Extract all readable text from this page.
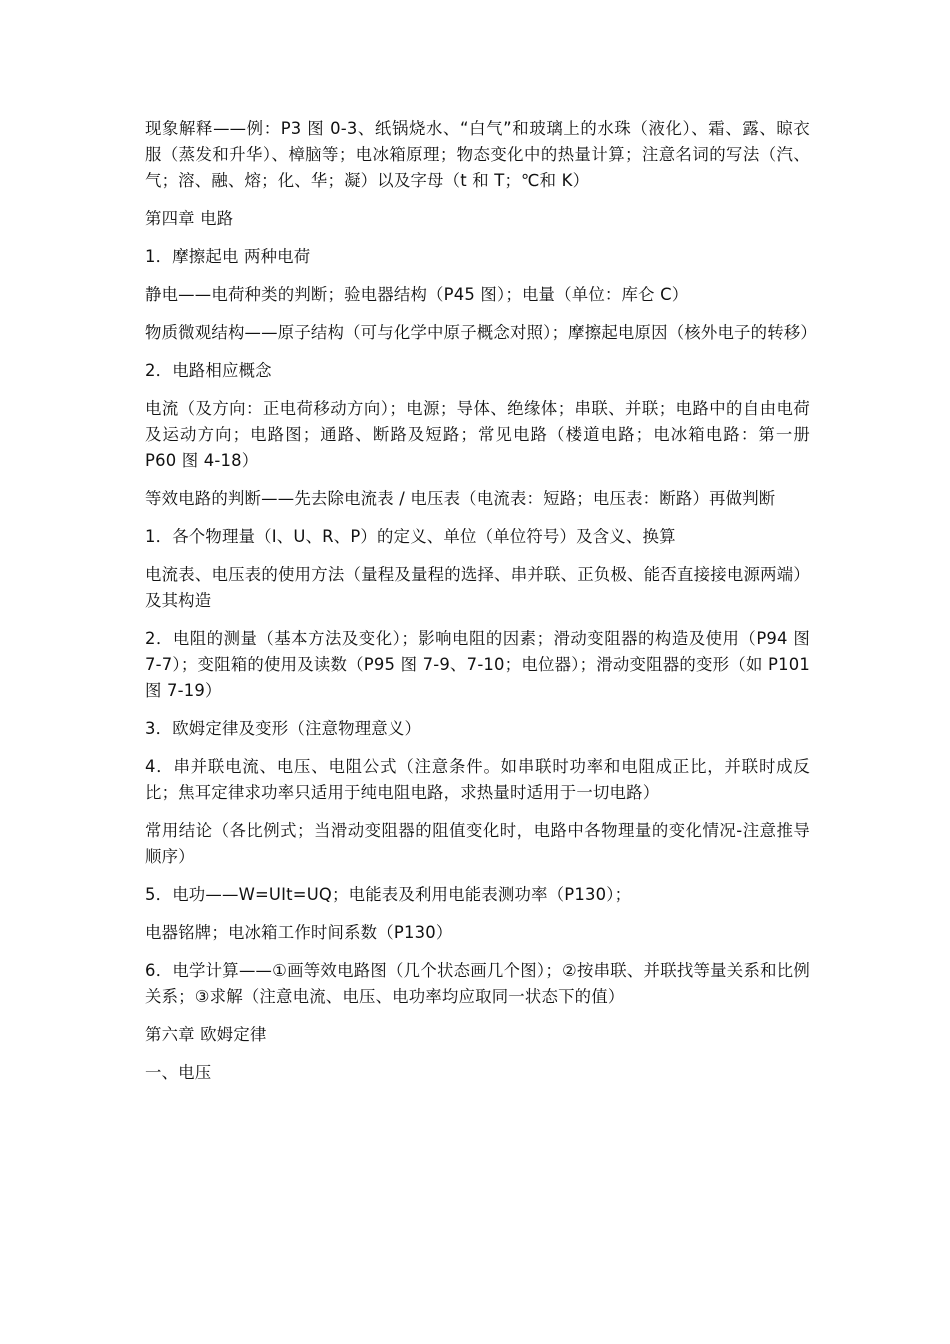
现象解释——例：P3 图 0-3、纸锅烧水、“白气”和玻璃上的水珠（液化）、霜、露、晾衣服（蒸发和升华）、樟脑等；电冰箱原理；物态变化中的热量计算；注意名词的写法（汽、气；溶、融、熔；化、华；凝）以及字母（t 和 T；℃和 K）

第四章 电路

1．摩擦起电 两种电荷

静电——电荷种类的判断；验电器结构（P45 图）；电量（单位：库仑 C）

物质微观结构——原子结构（可与化学中原子概念对照）；摩擦起电原因（核外电子的转移）

2．电路相应概念

电流（及方向：正电荷移动方向）；电源；导体、绝缘体；串联、并联；电路中的自由电荷及运动方向；电路图；通路、断路及短路；常见电路（楼道电路；电冰箱电路：第一册 P60 图 4-18）

等效电路的判断——先去除电流表 / 电压表（电流表：短路；电压表：断路）再做判断

1．各个物理量（I、U、R、P）的定义、单位（单位符号）及含义、换算

电流表、电压表的使用方法（量程及量程的选择、串并联、正负极、能否直接接电源两端）及其构造

2．电阻的测量（基本方法及变化）；影响电阻的因素；滑动变阻器的构造及使用（P94 图 7-7）；变阻箱的使用及读数（P95 图 7-9、7-10；电位器）；滑动变阻器的变形（如 P101 图 7-19）

3．欧姆定律及变形（注意物理意义）

4．串并联电流、电压、电阻公式（注意条件。如串联时功率和电阻成正比，并联时成反比；焦耳定律求功率只适用于纯电阻电路，求热量时适用于一切电路）

常用结论（各比例式；当滑动变阻器的阻值变化时，电路中各物理量的变化情况-注意推导顺序）

5．电功——W=UIt=UQ；电能表及利用电能表测功率（P130）；

电器铭牌；电冰箱工作时间系数（P130）

6．电学计算——①画等效电路图（几个状态画几个图）；②按串联、并联找等量关系和比例关系；③求解（注意电流、电压、电功率均应取同一状态下的值）

第六章 欧姆定律

一、电压
